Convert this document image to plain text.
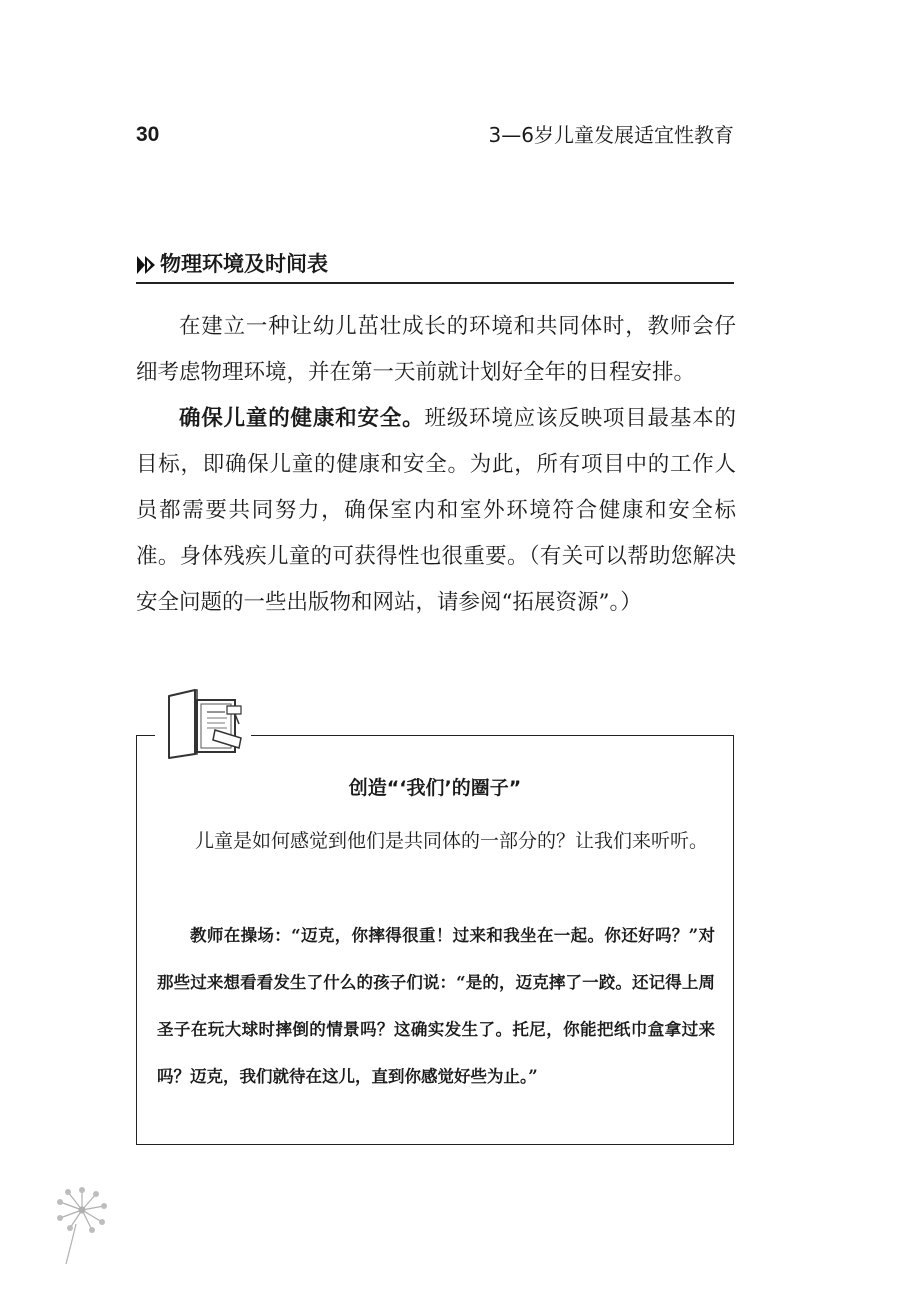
30	3—6岁儿童发展适宜性教育
物理环境及时间表

在建立一种让幼儿茁壮成长的环境和共同体时，教师会仔细考虑物理环境，并在第一天前就计划好全年的日程安排。

确保儿童的健康和安全。班级环境应该反映项目最基本的目标，即确保儿童的健康和安全。为此，所有项目中的工作人员都需要共同努力，确保室内和室外环境符合健康和安全标准。身体残疾儿童的可获得性也很重要。（有关可以帮助您解决安全问题的一些出版物和网站，请参阅“拓展资源”。）

创造“‘我们’的圈子”

儿童是如何感觉到他们是共同体的一部分的？让我们来听听。

教师在操场：“迈克，你摔得很重！过来和我坐在一起。你还好吗？”对那些过来想看看发生了什么的孩子们说：“是的，迈克摔了一跤。还记得上周圣子在玩大球时摔倒的情景吗？这确实发生了。托尼，你能把纸巾盒拿过来吗？迈克，我们就待在这儿，直到你感觉好些为止。”
